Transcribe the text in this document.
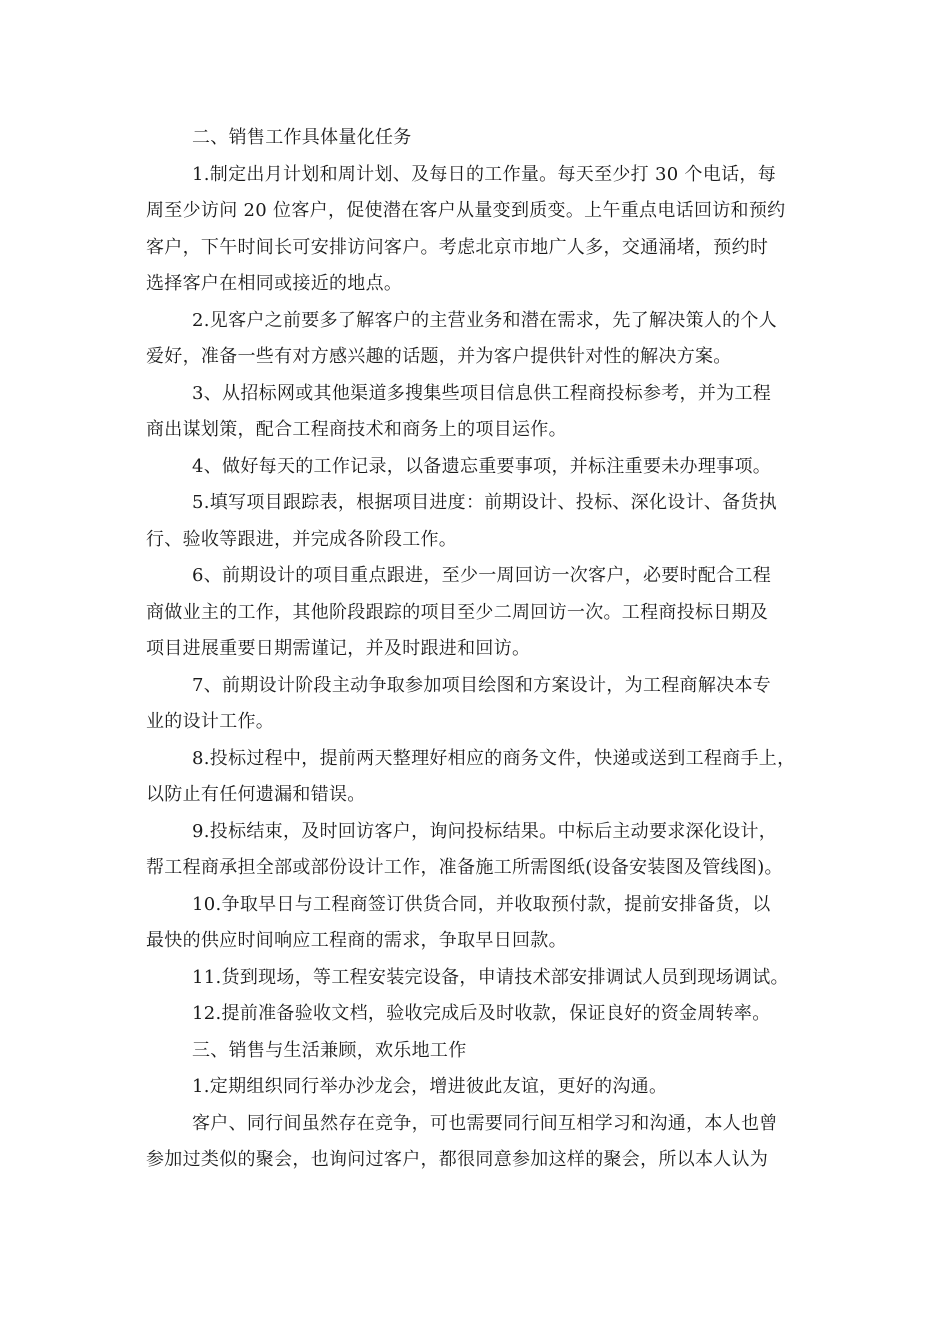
二、销售工作具体量化任务
1.制定出月计划和周计划、及每日的工作量。每天至少打 30 个电话，每
周至少访问 20 位客户，促使潜在客户从量变到质变。上午重点电话回访和预约
客户，下午时间长可安排访问客户。考虑北京市地广人多，交通涌堵，预约时
选择客户在相同或接近的地点。
2.见客户之前要多了解客户的主营业务和潜在需求，先了解决策人的个人
爱好，准备一些有对方感兴趣的话题，并为客户提供针对性的解决方案。
3、从招标网或其他渠道多搜集些项目信息供工程商投标参考，并为工程
商出谋划策，配合工程商技术和商务上的项目运作。
4、做好每天的工作记录，以备遗忘重要事项，并标注重要未办理事项。
5.填写项目跟踪表，根据项目进度：前期设计、投标、深化设计、备货执
行、验收等跟进，并完成各阶段工作。
6、前期设计的项目重点跟进，至少一周回访一次客户，必要时配合工程
商做业主的工作，其他阶段跟踪的项目至少二周回访一次。工程商投标日期及
项目进展重要日期需谨记，并及时跟进和回访。
7、前期设计阶段主动争取参加项目绘图和方案设计，为工程商解决本专
业的设计工作。
8.投标过程中，提前两天整理好相应的商务文件，快递或送到工程商手上，
以防止有任何遗漏和错误。
9.投标结束，及时回访客户，询问投标结果。中标后主动要求深化设计，
帮工程商承担全部或部份设计工作，准备施工所需图纸(设备安装图及管线图)。
10.争取早日与工程商签订供货合同，并收取预付款，提前安排备货，以
最快的供应时间响应工程商的需求，争取早日回款。
11.货到现场，等工程安装完设备，申请技术部安排调试人员到现场调试。
12.提前准备验收文档，验收完成后及时收款，保证良好的资金周转率。
三、销售与生活兼顾，欢乐地工作
1.定期组织同行举办沙龙会，增进彼此友谊，更好的沟通。
客户、同行间虽然存在竞争，可也需要同行间互相学习和沟通，本人也曾
参加过类似的聚会，也询问过客户，都很同意参加这样的聚会，所以本人认为
